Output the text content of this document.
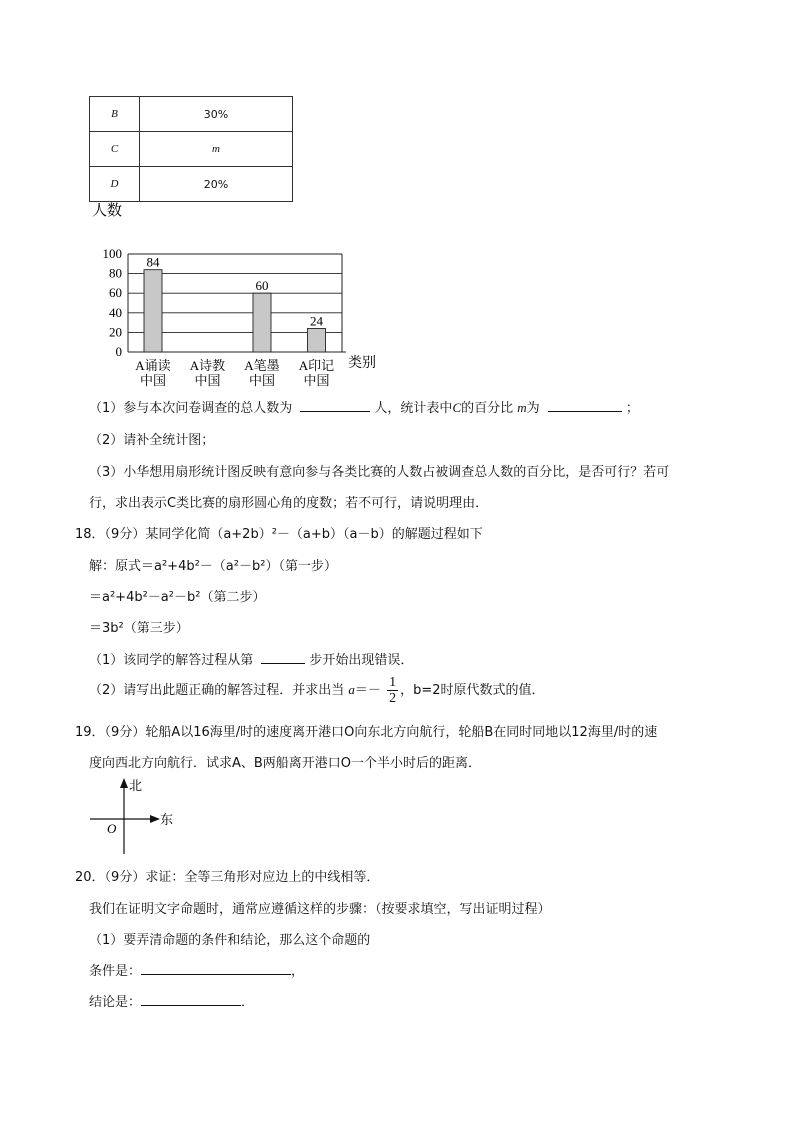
B	30%
C	m
D	20%
人数
0
20
40
60
80
100
84
60
24
A诵读
中国
A诗教
中国
A笔墨
中国
A印记
中国
类别
（1）参与本次问卷调查的总人数为	人，统计表中C的百分比 m为	；
（2）请补全统计图；
（3）小华想用扇形统计图反映有意向参与各类比赛的人数占被调查总人数的百分比，是否可行？若可
行，求出表示C类比赛的扇形圆心角的度数；若不可行，请说明理由．
18．（9分）某同学化简（a+2b）²－（a+b）（a－b）的解题过程如下
解：原式＝a²+4b²－（a²－b²）（第一步）
＝a²+4b²－a²－b²（第二步）
＝3b²（第三步）
（1）该同学的解答过程从第	步开始出现错误．
（2）请写出此题正确的解答过程．并求出当 $a=- \frac{1}{2}$ ，b=2时原代数式的值．
19．（9分）轮船A以16海里/时的速度离开港口O向东北方向航行，轮船B在同时同地以12海里/时的速
度向西北方向航行．试求A、B两船离开港口O一个半小时后的距离．
北
东
O
20．（9分）求证：全等三角形对应边上的中线相等．
我们在证明文字命题时，通常应遵循这样的步骤：（按要求填空，写出证明过程）
（1）要弄清命题的条件和结论，那么这个命题的
条件是：	，
结论是：	．
